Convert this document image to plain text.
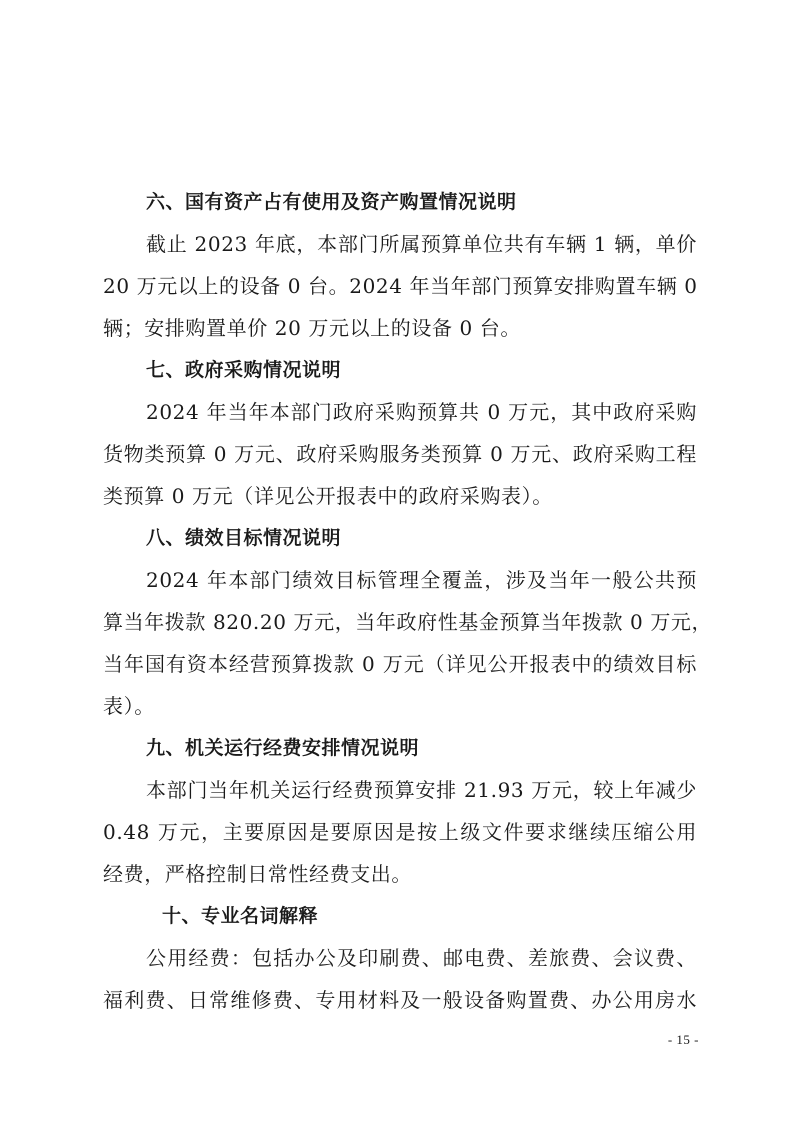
六、国有资产占有使用及资产购置情况说明
截止 2023 年底，本部门所属预算单位共有车辆 1 辆，单价
20 万元以上的设备 0 台。2024 年当年部门预算安排购置车辆 0
辆；安排购置单价 20 万元以上的设备 0 台。
七、政府采购情况说明
2024 年当年本部门政府采购预算共 0 万元，其中政府采购
货物类预算 0 万元、政府采购服务类预算 0 万元、政府采购工程
类预算 0 万元（详见公开报表中的政府采购表）。
八、绩效目标情况说明
2024 年本部门绩效目标管理全覆盖，涉及当年一般公共预
算当年拨款 820.20 万元，当年政府性基金预算当年拨款 0 万元，
当年国有资本经营预算拨款 0 万元（详见公开报表中的绩效目标
表）。
九、机关运行经费安排情况说明
本部门当年机关运行经费预算安排 21.93 万元，较上年减少
0.48 万元，主要原因是要原因是按上级文件要求继续压缩公用
经费，严格控制日常性经费支出。
十、专业名词解释
公用经费：包括办公及印刷费、邮电费、差旅费、会议费、
福利费、日常维修费、专用材料及一般设备购置费、办公用房水
- 15 -
